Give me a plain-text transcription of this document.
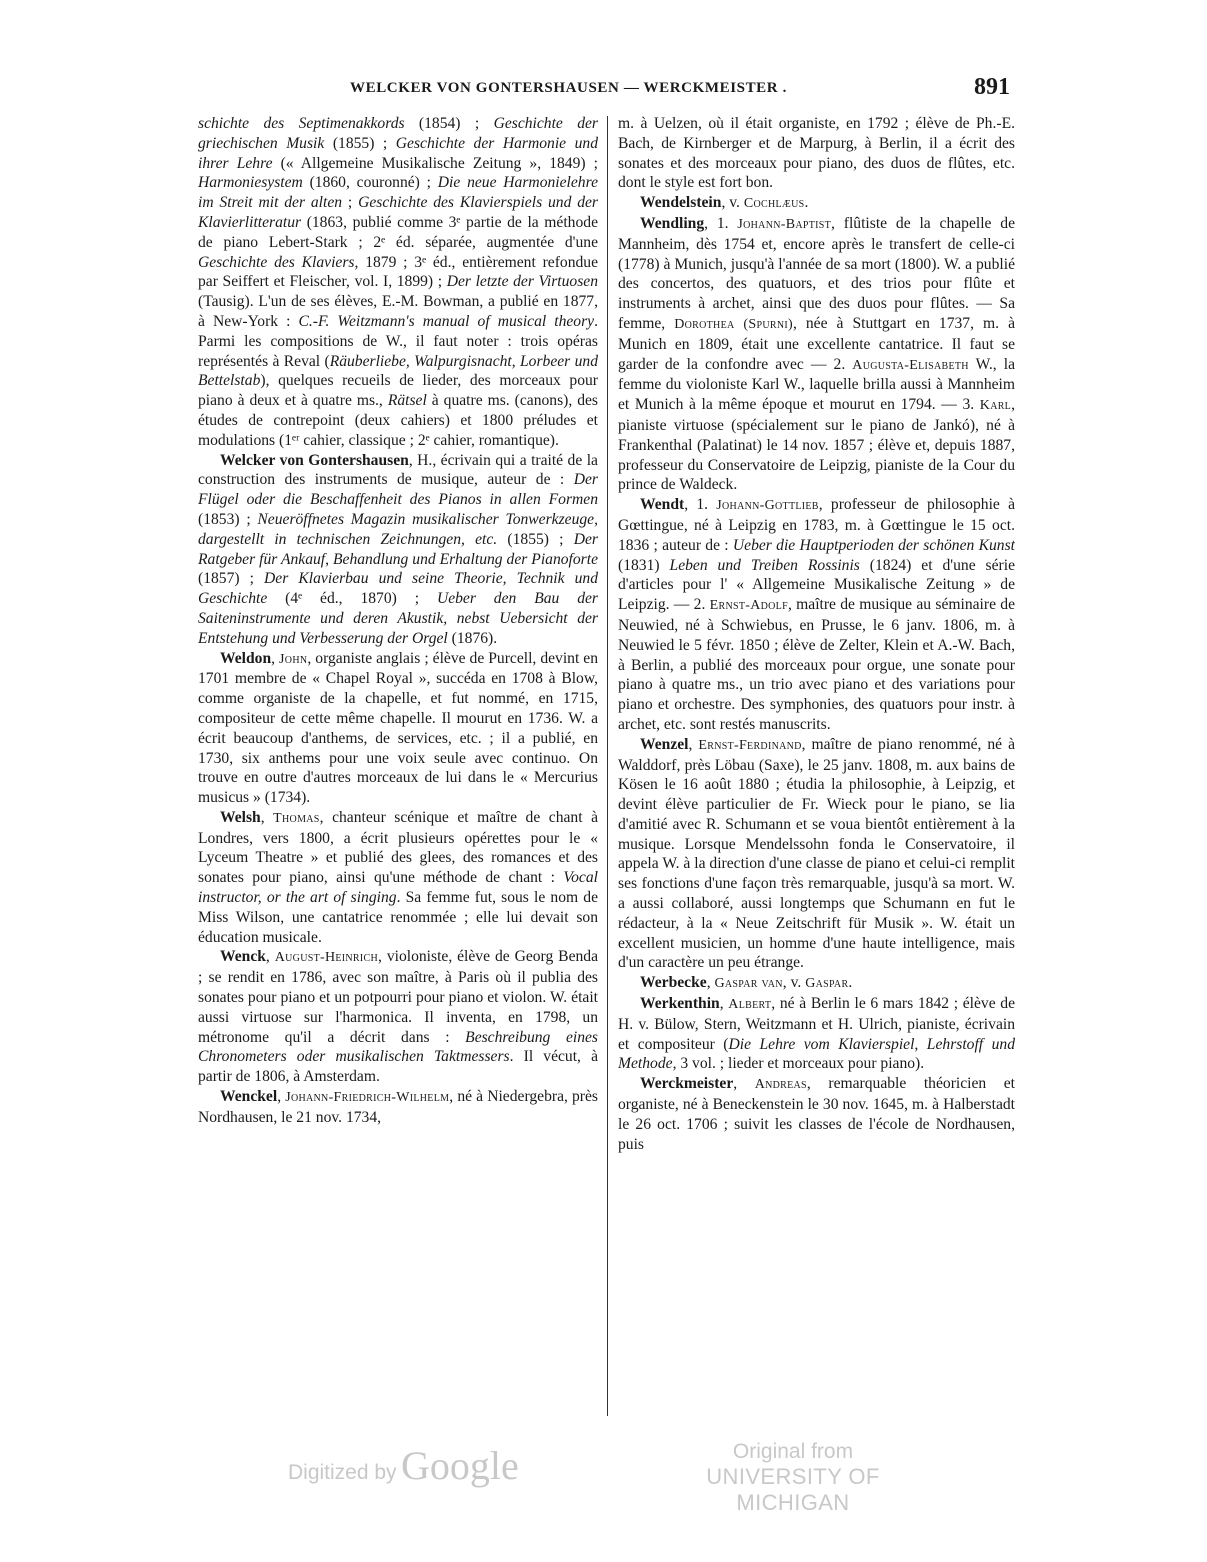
WELCKER VON GONTERSHAUSEN — WERCKMEISTER .	891

schichte des Septimenakkords (1854) ; Geschichte der griechischen Musik (1855) ; Geschichte der Harmonie und ihrer Lehre (« Allgemeine Musikalische Zeitung », 1849) ; Harmoniesystem (1860, couronné) ; Die neue Harmonielehre im Streit mit der alten ; Geschichte des Klavierspiels und der Klavierlitteratur (1863, publié comme 3ᵉ partie de la méthode de piano Lebert-Stark ; 2ᵉ éd. séparée, augmentée d'une Geschichte des Klaviers, 1879 ; 3ᵉ éd., entièrement refondue par Seiffert et Fleischer, vol. I, 1899) ; Der letzte der Virtuosen (Tausig). L'un de ses élèves, E.-M. Bowman, a publié en 1877, à New-York : C.-F. Weitzmann's manual of musical theory. Parmi les compositions de W., il faut noter : trois opéras représentés à Reval (Räuberliebe, Walpurgisnacht, Lorbeer und Bettelstab), quelques recueils de lieder, des morceaux pour piano à deux et à quatre ms., Rätsel à quatre ms. (canons), des études de contrepoint (deux cahiers) et 1800 préludes et modulations (1ᵉʳ cahier, classique ; 2ᵉ cahier, romantique).

Welcker von Gontershausen, H., écrivain qui a traité de la construction des instruments de musique, auteur de : Der Flügel oder die Beschaffenheit des Pianos in allen Formen (1853) ; Neueröffnetes Magazin musikalischer Tonwerkzeuge, dargestellt in technischen Zeichnungen, etc. (1855) ; Der Ratgeber für Ankauf, Behandlung und Erhaltung der Pianoforte (1857) ; Der Klavierbau und seine Theorie, Technik und Geschichte (4ᵉ éd., 1870) ; Ueber den Bau der Saiteninstrumente und deren Akustik, nebst Uebersicht der Entstehung und Verbesserung der Orgel (1876).

Weldon, John, organiste anglais ; élève de Purcell, devint en 1701 membre de « Chapel Royal », succéda en 1708 à Blow, comme organiste de la chapelle, et fut nommé, en 1715, compositeur de cette même chapelle. Il mourut en 1736. W. a écrit beaucoup d'anthems, de services, etc. ; il a publié, en 1730, six anthems pour une voix seule avec continuo. On trouve en outre d'autres morceaux de lui dans le « Mercurius musicus » (1734).

Welsh, Thomas, chanteur scénique et maître de chant à Londres, vers 1800, a écrit plusieurs opérettes pour le « Lyceum Theatre » et publié des glees, des romances et des sonates pour piano, ainsi qu'une méthode de chant : Vocal instructor, or the art of singing. Sa femme fut, sous le nom de Miss Wilson, une cantatrice renommée ; elle lui devait son éducation musicale.

Wenck, August-Heinrich, violoniste, élève de Georg Benda ; se rendit en 1786, avec son maître, à Paris où il publia des sonates pour piano et un potpourri pour piano et violon. W. était aussi virtuose sur l'harmonica. Il inventa, en 1798, un métronome qu'il a décrit dans : Beschreibung eines Chronometers oder musikalischen Taktmessers. Il vécut, à partir de 1806, à Amsterdam.

Wenckel, Johann-Friedrich-Wilhelm, né à Niedergebra, près Nordhausen, le 21 nov. 1734,

m. à Uelzen, où il était organiste, en 1792 ; élève de Ph.-E. Bach, de Kirnberger et de Marpurg, à Berlin, il a écrit des sonates et des morceaux pour piano, des duos de flûtes, etc. dont le style est fort bon.

Wendelstein, v. Cochlæus.

Wendling, 1. Johann-Baptist, flûtiste de la chapelle de Mannheim, dès 1754 et, encore après le transfert de celle-ci (1778) à Munich, jusqu'à l'année de sa mort (1800). W. a publié des concertos, des quatuors, et des trios pour flûte et instruments à archet, ainsi que des duos pour flûtes. — Sa femme, Dorothea (Spurni), née à Stuttgart en 1737, m. à Munich en 1809, était une excellente cantatrice. Il faut se garder de la confondre avec — 2. Augusta-Elisabeth W., la femme du violoniste Karl W., laquelle brilla aussi à Mannheim et Munich à la même époque et mourut en 1794. — 3. Karl, pianiste virtuose (spécialement sur le piano de Jankó), né à Frankenthal (Palatinat) le 14 nov. 1857 ; élève et, depuis 1887, professeur du Conservatoire de Leipzig, pianiste de la Cour du prince de Waldeck.

Wendt, 1. Johann-Gottlieb, professeur de philosophie à Gœttingue, né à Leipzig en 1783, m. à Gœttingue le 15 oct. 1836 ; auteur de : Ueber die Hauptperioden der schönen Kunst (1831) Leben und Treiben Rossinis (1824) et d'une série d'articles pour l' « Allgemeine Musikalische Zeitung » de Leipzig. — 2. Ernst-Adolf, maître de musique au séminaire de Neuwied, né à Schwiebus, en Prusse, le 6 janv. 1806, m. à Neuwied le 5 févr. 1850 ; élève de Zelter, Klein et A.-W. Bach, à Berlin, a publié des morceaux pour orgue, une sonate pour piano à quatre ms., un trio avec piano et des variations pour piano et orchestre. Des symphonies, des quatuors pour instr. à archet, etc. sont restés manuscrits.

Wenzel, Ernst-Ferdinand, maître de piano renommé, né à Walddorf, près Löbau (Saxe), le 25 janv. 1808, m. aux bains de Kösen le 16 août 1880 ; étudia la philosophie, à Leipzig, et devint élève particulier de Fr. Wieck pour le piano, se lia d'amitié avec R. Schumann et se voua bientôt entièrement à la musique. Lorsque Mendelssohn fonda le Conservatoire, il appela W. à la direction d'une classe de piano et celui-ci remplit ses fonctions d'une façon très remarquable, jusqu'à sa mort. W. a aussi collaboré, aussi longtemps que Schumann en fut le rédacteur, à la « Neue Zeitschrift für Musik ». W. était un excellent musicien, un homme d'une haute intelligence, mais d'un caractère un peu étrange.

Werbecke, Gaspar van, v. Gaspar.

Werkenthin, Albert, né à Berlin le 6 mars 1842 ; élève de H. v. Bülow, Stern, Weitzmann et H. Ulrich, pianiste, écrivain et compositeur (Die Lehre vom Klavierspiel, Lehrstoff und Methode, 3 vol. ; lieder et morceaux pour piano).

Werckmeister, Andreas, remarquable théoricien et organiste, né à Beneckenstein le 30 nov. 1645, m. à Halberstadt le 26 oct. 1706 ; suivit les classes de l'école de Nordhausen, puis

Digitized by Google	Original from
UNIVERSITY OF MICHIGAN
